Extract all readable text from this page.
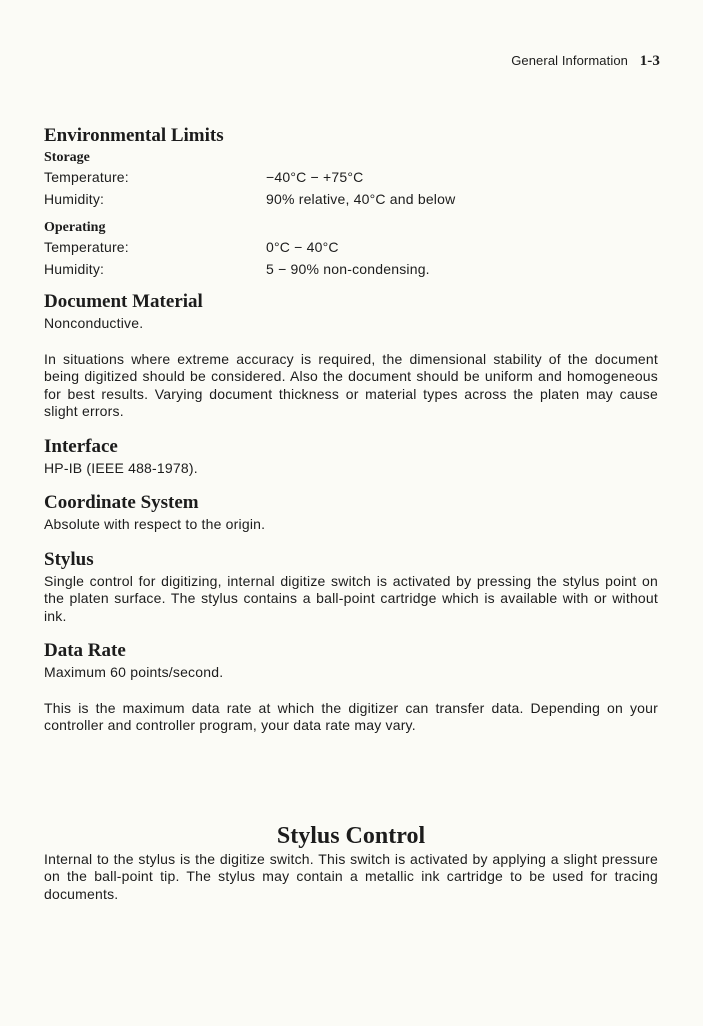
General Information 1-3
Environmental Limits
Storage
Temperature:	−40°C − +75°C
Humidity:	90% relative, 40°C and below
Operating
Temperature:	0°C − 40°C
Humidity:	5 − 90% non-condensing.
Document Material

Nonconductive.

In situations where extreme accuracy is required, the dimensional stability of the document being digitized should be considered. Also the document should be uniform and homogeneous for best results. Varying document thickness or material types across the platen may cause slight errors.

Interface

HP-IB (IEEE 488-1978).

Coordinate System

Absolute with respect to the origin.

Stylus

Single control for digitizing, internal digitize switch is activated by pressing the stylus point on the platen surface. The stylus contains a ball-point cartridge which is available with or without ink.

Data Rate

Maximum 60 points/second.

This is the maximum data rate at which the digitizer can transfer data. Depending on your controller and controller program, your data rate may vary.

Stylus Control

Internal to the stylus is the digitize switch. This switch is activated by applying a slight pressure on the ball-point tip. The stylus may contain a metallic ink cartridge to be used for tracing documents.
